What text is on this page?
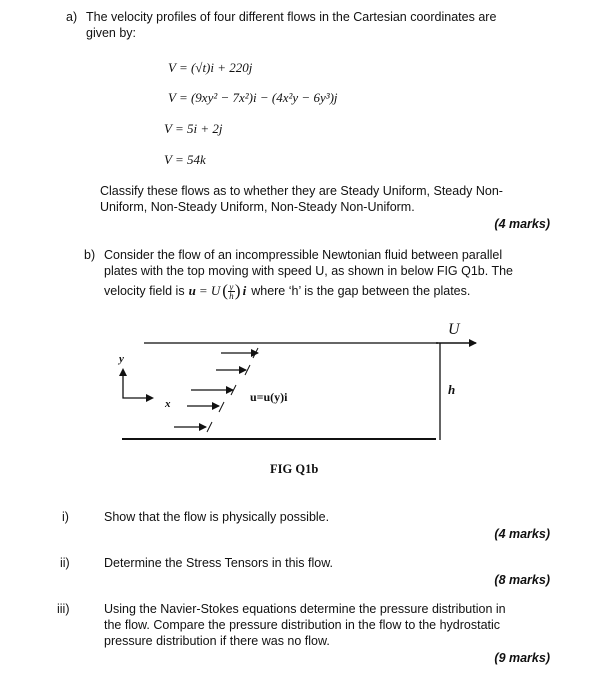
a) The velocity profiles of four different flows in the Cartesian coordinates are
given by:
V = (√t)i + 220j
V = (9xy² − 7x²)i − (4x²y − 6y³)j
V = 5i + 2j
V = 54k
Classify these flows as to whether they are Steady Uniform, Steady Non-
Uniform, Non-Steady Uniform, Non-Steady Non-Uniform.
(4 marks)
b) Consider the flow of an incompressible Newtonian fluid between parallel
plates with the top moving with speed U, as shown in below FIG Q1b. The
velocity field is u = U ( y
h ) i where ‘h’ is the gap between the plates.
U
h
y
x	u=u(y)i
FIG Q1b
i)	Show that the flow is physically possible.
(4 marks)
ii)	Determine the Stress Tensors in this flow.
(8 marks)
iii)	Using the Navier-Stokes equations determine the pressure distribution in
the flow. Compare the pressure distribution in the flow to the hydrostatic
pressure distribution if there was no flow.
(9 marks)
